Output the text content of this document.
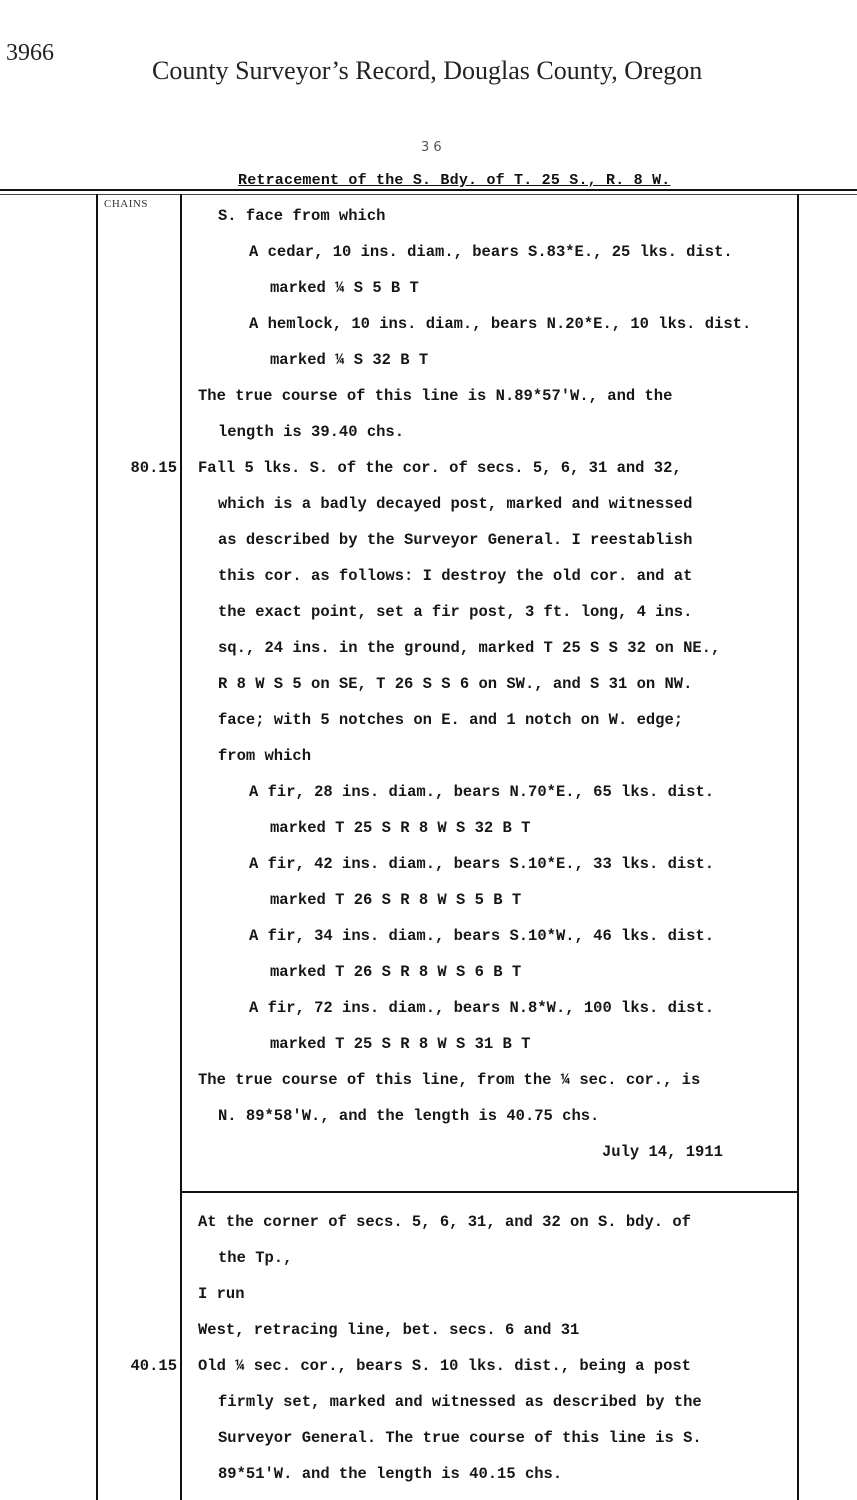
3966
County Surveyor’s Record, Douglas County, Oregon
3 6
Retracement of the S. Bdy. of T. 25 S., R. 8 W.
CHAINS
S. face from which
A cedar, 10 ins. diam., bears S.83*E., 25 lks. dist.
marked ¼ S 5 B T
A hemlock, 10 ins. diam., bears N.20*E., 10 lks. dist.
marked ¼ S 32 B T
The true course of this line is N.89*57'W., and the
length is 39.40 chs.
80.15 Fall 5 lks. S. of the cor. of secs. 5, 6, 31 and 32,
which is a badly decayed post, marked and witnessed
as described by the Surveyor General. I reestablish
this cor. as follows: I destroy the old cor. and at
the exact point, set a fir post, 3 ft. long, 4 ins.
sq., 24 ins. in the ground, marked T 25 S S 32 on NE.,
R 8 W S 5 on SE, T 26 S S 6 on SW., and S 31 on NW.
face; with 5 notches on E. and 1 notch on W. edge;
from which
A fir, 28 ins. diam., bears N.70*E., 65 lks. dist.
marked T 25 S R 8 W S 32 B T
A fir, 42 ins. diam., bears S.10*E., 33 lks. dist.
marked T 26 S R 8 W S 5 B T
A fir, 34 ins. diam., bears S.10*W., 46 lks. dist.
marked T 26 S R 8 W S 6 B T
A fir, 72 ins. diam., bears N.8*W., 100 lks. dist.
marked T 25 S R 8 W S 31 B T
The true course of this line, from the ¼ sec. cor., is
N. 89*58'W., and the length is 40.75 chs.
July 14, 1911
At the corner of secs. 5, 6, 31, and 32 on S. bdy. of
the Tp.,
I run
West, retracing line, bet. secs. 6 and 31
40.15 Old ¼ sec. cor., bears S. 10 lks. dist., being a post
firmly set, marked and witnessed as described by the
Surveyor General. The true course of this line is S.
89*51'W. and the length is 40.15 chs.
